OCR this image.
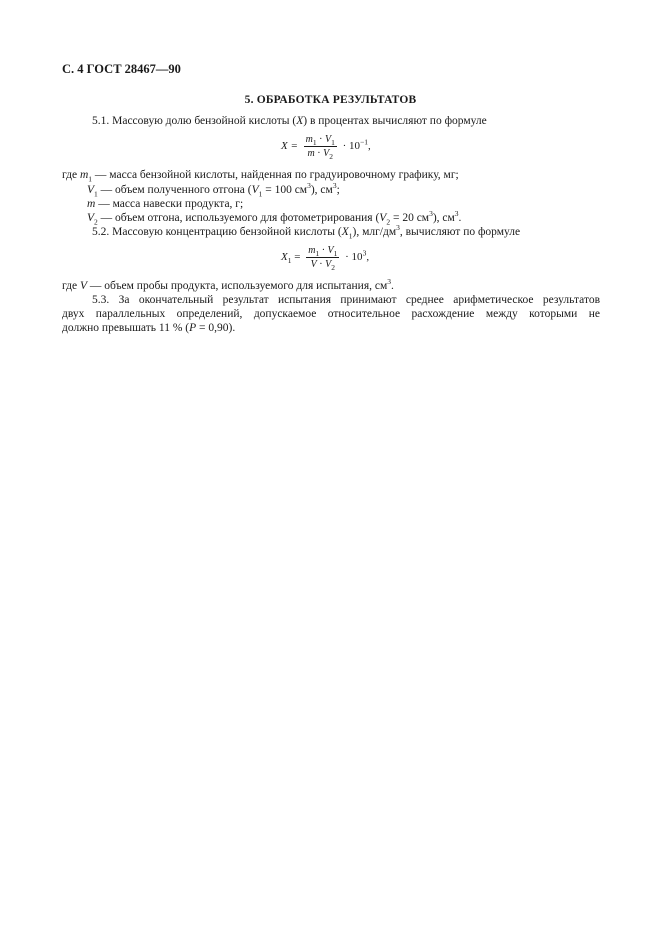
С. 4 ГОСТ 28467—90
5. ОБРАБОТКА РЕЗУЛЬТАТОВ
5.1. Массовую долю бензойной кислоты (X) в процентах вычисляют по формуле
$X = \frac{m_1 \cdot V_1}{m \cdot V_2} \cdot 10^{-1}$,
где $m_1$ — масса бензойной кислоты, найденная по градуировочному графику, мг;
$V_1$ — объем полученного отгона ($V_1 = 100$ $см^3$), $см^3$;
m — масса навески продукта, г;
$V_2$ — объем отгона, используемого для фотометрирования ($V_2 = 20$ $см^3$), $см^3$.
5.2. Массовую концентрацию бензойной кислоты $(X_1)$, млг/$дм^3$, вычисляют по формуле
$X_1 = \frac{m_1 \cdot V_1}{V \cdot V_2} \cdot 10^3$,
где V — объем пробы продукта, используемого для испытания, $см^3$.
5.3. За окончательный результат испытания принимают среднее арифметическое результатов
двух параллельных определений, допускаемое относительное расхождение между которыми не
должно превышать 11 % (P = 0,90).
